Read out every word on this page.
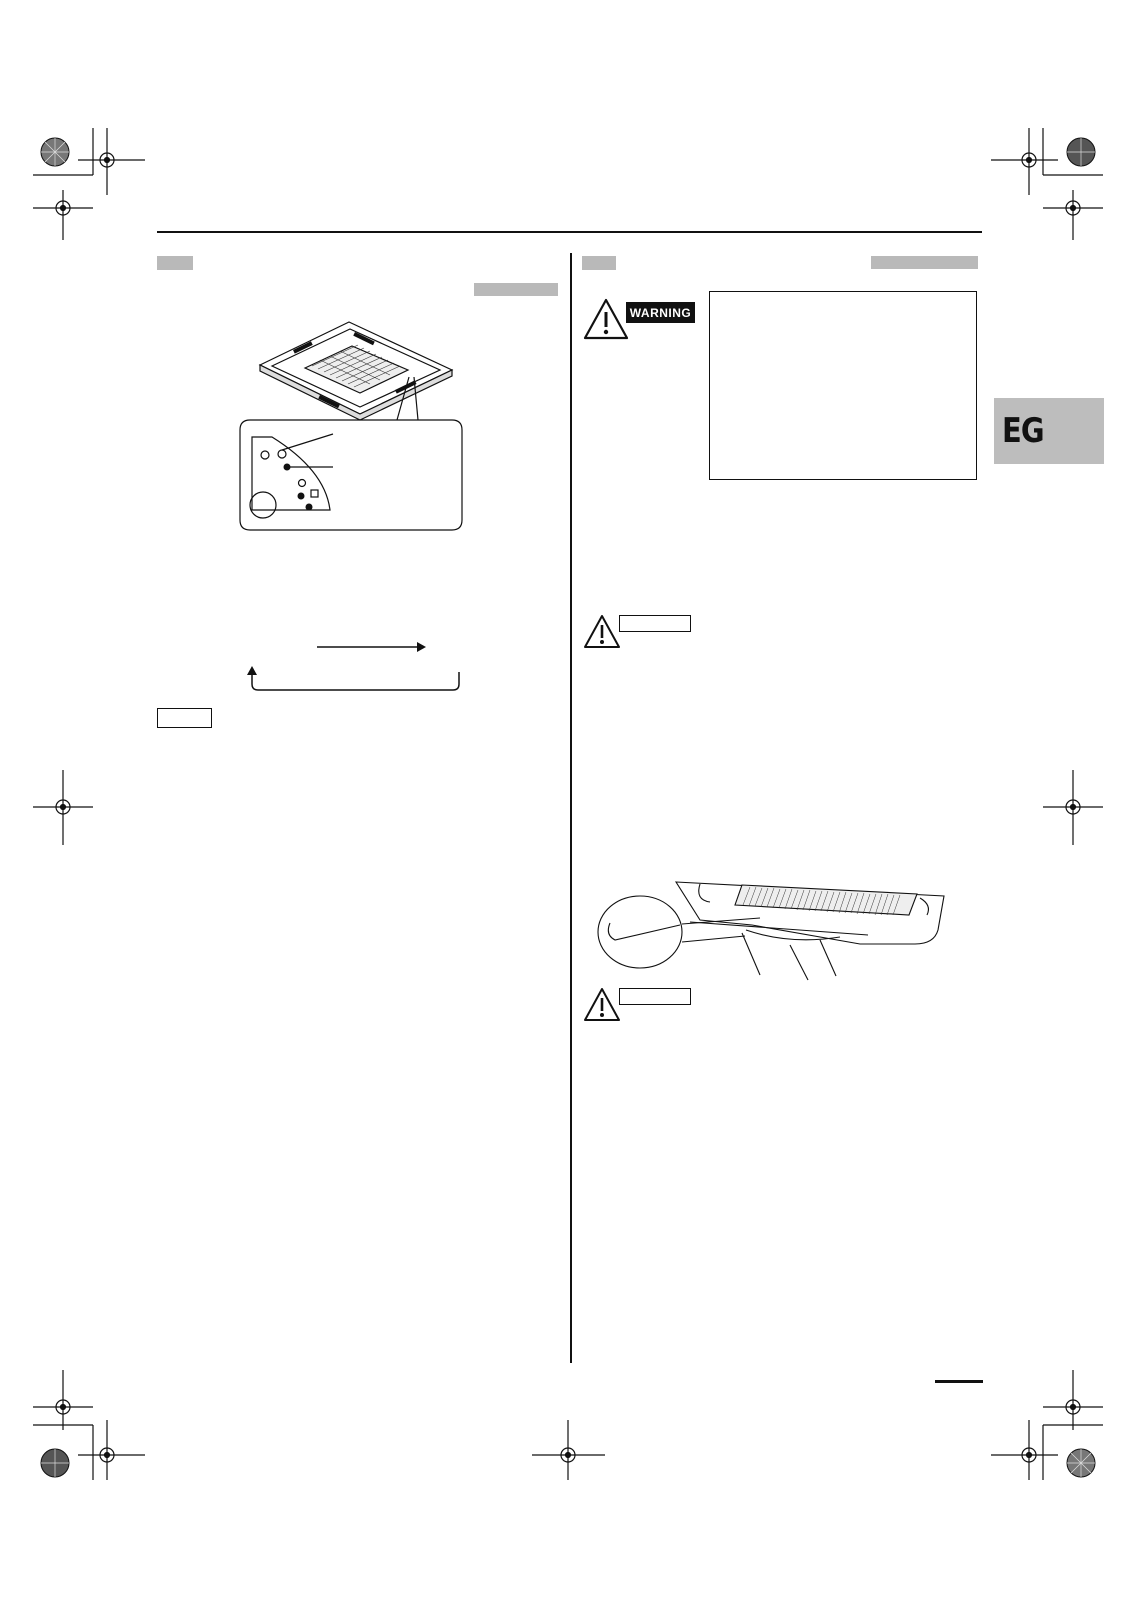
EG
WARNING
